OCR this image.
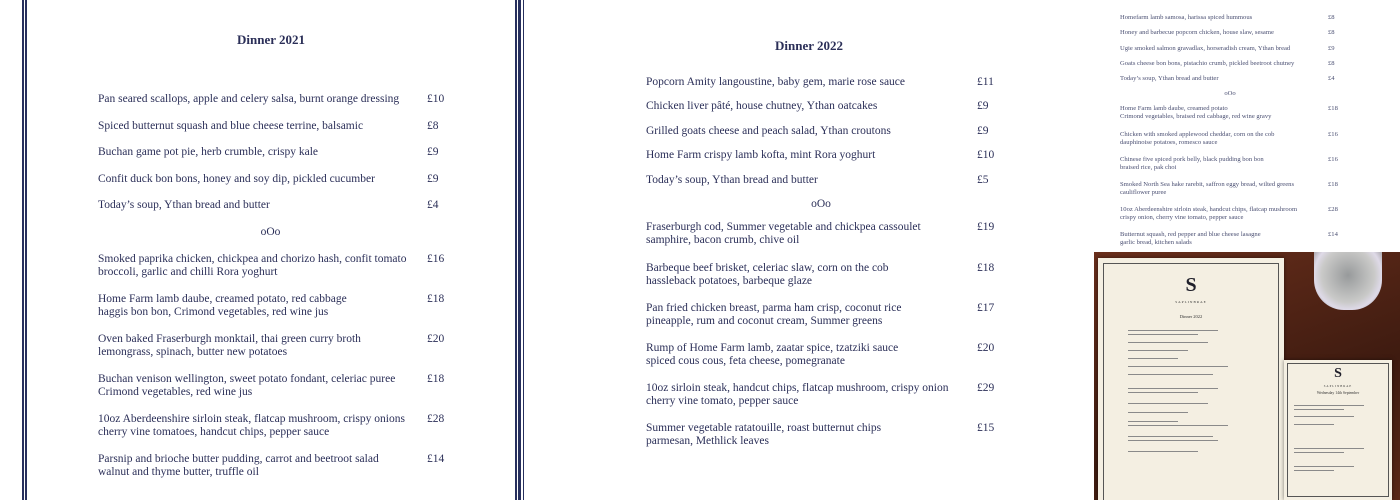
Dinner 2021
Pan seared scallops, apple and celery salsa, burnt orange dressing	£10
Spiced butternut squash and blue cheese terrine, balsamic	£8
Buchan game pot pie, herb crumble, crispy kale	£9
Confit duck bon bons, honey and soy dip, pickled cucumber	£9
Today’s soup, Ythan bread and butter	£4
oOo
Smoked paprika chicken, chickpea and chorizo hash, confit tomato
broccoli, garlic and chilli Rora yoghurt
£16
Home Farm lamb daube, creamed potato, red cabbage
haggis bon bon, Crimond vegetables, red wine jus
£18
Oven baked Fraserburgh monktail, thai green curry broth
lemongrass, spinach, butter new potatoes
£20
Buchan venison wellington, sweet potato fondant, celeriac puree
Crimond vegetables, red wine jus
£18
10oz Aberdeenshire sirloin steak, flatcap mushroom, crispy onions
cherry vine tomatoes, handcut chips, pepper sauce
£28
Parsnip and brioche butter pudding, carrot and beetroot salad
walnut and thyme butter, truffle oil
£14
Dinner 2022
Popcorn Amity langoustine, baby gem, marie rose sauce	£11
Chicken liver pâté, house chutney, Ythan oatcakes	£9
Grilled goats cheese and peach salad, Ythan croutons	£9
Home Farm crispy lamb kofta, mint Rora yoghurt	£10
Today’s soup, Ythan bread and butter	£5
oOo
Fraserburgh cod, Summer vegetable and chickpea cassoulet
samphire, bacon crumb, chive oil
£19
Barbeque beef brisket, celeriac slaw, corn on the cob
hassleback potatoes, barbeque glaze
£18
Pan fried chicken breast, parma ham crisp, coconut rice
pineapple, rum and coconut cream, Summer greens
£17
Rump of Home Farm lamb, zaatar spice, tzatziki sauce
spiced cous cous, feta cheese, pomegranate
£20
10oz sirloin steak, handcut chips, flatcap mushroom, crispy onion
cherry vine tomato, pepper sauce
£29
Summer vegetable ratatouille, roast butternut chips
parmesan, Methlick leaves
£15
Homefarm lamb samosa, harissa spiced hummous	£8
Honey and barbecue popcorn chicken, house slaw, sesame	£8
Ugie smoked salmon gravadlax, horseradish cream, Ythan bread	£9
Goats cheese bon bons, pistachio crumb, pickled beetroot chutney	£8
Today’s soup, Ythan bread and butter	£4
oOo
Home Farm lamb daube, creamed potato
Crimond vegetables, braised red cabbage, red wine gravy
£18
Chicken with smoked applewood cheddar, corn on the cob
dauphinoise potatoes, romesco sauce
£16
Chinese five spiced pork belly, black pudding bon bon
braised rice, pak choi
£16
Smoked North Sea hake rarebit, saffron eggy bread, wilted greens
cauliflower puree
£18
10oz Aberdeenshire sirloin steak, handcut chips, flatcap mushroom
crispy onion, cherry vine tomato, pepper sauce
£28
Butternut squash, red pepper and blue cheese lasagne
garlic bread, kitchen salads
£14
S
SAPLINBRAE
Dinner 2022
S
SAPLINBRAE
Wednesday 14th September
